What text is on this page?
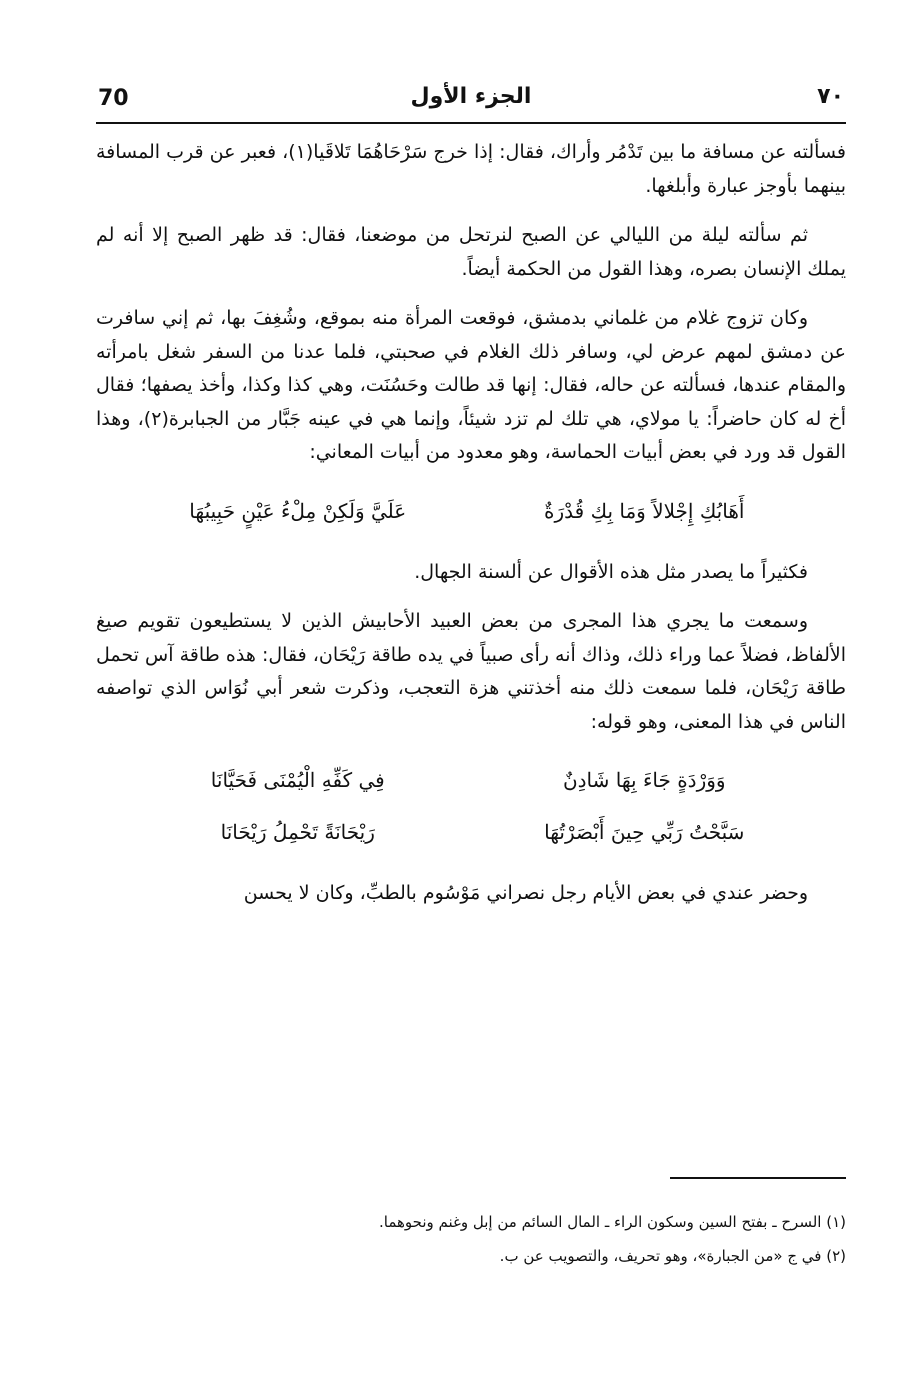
70	الجزء الأول	٧٠

فسألته عن مسافة ما بين تَدْمُر وأراك، فقال: إذا خرج سَرْحَاهُمَا تَلاقَيا(١)، فعبر عن قرب المسافة بينهما بأوجز عبارة وأبلغها.

ثم سألته ليلة من الليالي عن الصبح لنرتحل من موضعنا، فقال: قد ظهر الصبح إلا أنه لم يملك الإنسان بصره، وهذا القول من الحكمة أيضاً.

وكان تزوج غلام من غلماني بدمشق، فوقعت المرأة منه بموقع، وشُغِفَ بها، ثم إني سافرت عن دمشق لمهم عرض لي، وسافر ذلك الغلام في صحبتي، فلما عدنا من السفر شغل بامرأته والمقام عندها، فسألته عن حاله، فقال: إنها قد طالت وحَسُنَت، وهي كذا وكذا، وأخذ يصفها؛ فقال أخ له كان حاضراً: يا مولاي، هي تلك لم تزد شيئاً، وإنما هي في عينه جَبَّار من الجبابرة(٢)، وهذا القول قد ورد في بعض أبيات الحماسة، وهو معدود من أبيات المعاني:

أَهَابُكِ إِجْلالاً وَمَا بِكِ قُدْرَةٌ
عَلَيَّ وَلَكِنْ مِلْءُ عَيْنٍ حَبِيبُهَا

فكثيراً ما يصدر مثل هذه الأقوال عن ألسنة الجهال.

وسمعت ما يجري هذا المجرى من بعض العبيد الأحابيش الذين لا يستطيعون تقويم صيغ الألفاظ، فضلاً عما وراء ذلك، وذاك أنه رأى صبياً في يده طاقة رَيْحَان، فقال: هذه طاقة آس تحمل طاقة رَيْحَان، فلما سمعت ذلك منه أخذتني هزة التعجب، وذكرت شعر أبي نُوَاس الذي تواصفه الناس في هذا المعنى، وهو قوله:

وَوَرْدَةٍ جَاءَ بِهَا شَادِنٌ
فِي كَفِّهِ الْيُمْنَى فَحَيَّانَا
سَبَّحْتُ رَبِّي حِينَ أَبْصَرْتُهَا
رَيْحَانَةً تَحْمِلُ رَيْحَانَا

وحضر عندي في بعض الأيام رجل نصراني مَوْسُوم بالطبِّ، وكان لا يحسن

(١) السرح ـ بفتح السين وسكون الراء ـ المال السائم من إبل وغنم ونحوهما.
(٢) في ج «من الجبارة»، وهو تحريف، والتصويب عن ب.
